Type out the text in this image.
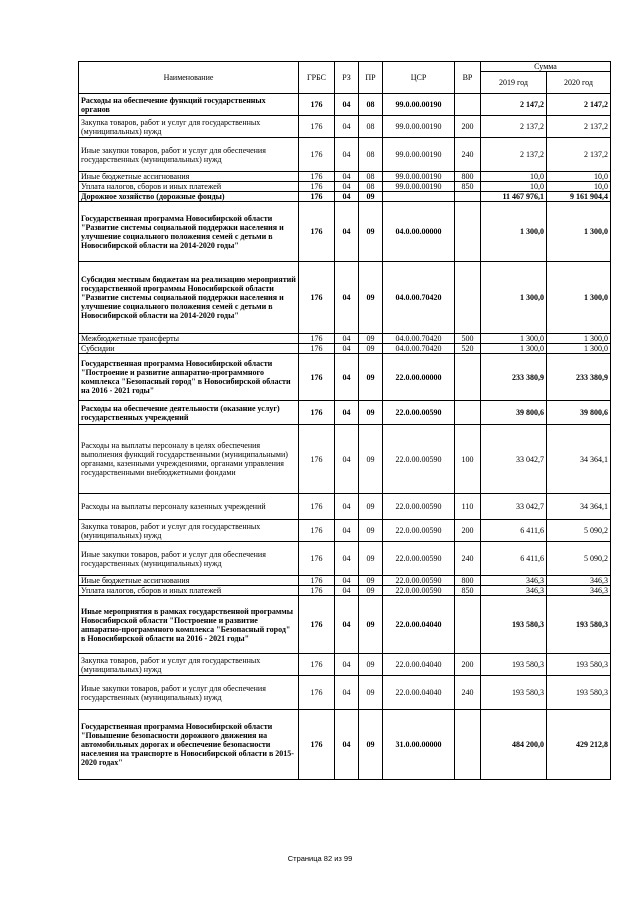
Наименование	ГРБС	РЗ	ПР	ЦСР	ВР	Сумма	
						2019 год	2020 год
Расходы на обеспечение функций государственных органов	176	04	08	99.0.00.00190		2 147,2	2 147,2
Закупка товаров, работ и услуг для государственных (муниципальных) нужд	176	04	08	99.0.00.00190	200	2 137,2	2 137,2
Иные закупки товаров, работ и услуг для обеспечения государственных (муниципальных) нужд	176	04	08	99.0.00.00190	240	2 137,2	2 137,2
Иные бюджетные ассигнования	176	04	08	99.0.00.00190	800	10,0	10,0
Уплата налогов, сборов и иных платежей	176	04	08	99.0.00.00190	850	10,0	10,0
Дорожное хозяйство (дорожные фонды)	176	04	09			11 467 976,1	9 161 904,4
Государственная программа Новосибирской области "Развитие системы социальной поддержки населения и улучшение социального положения семей с детьми в Новосибирской области на 2014-2020 годы"	176	04	09	04.0.00.00000		1 300,0	1 300,0
Субсидия местным бюджетам на реализацию мероприятий государственной программы Новосибирской области "Развитие системы социальной поддержки населения и улучшение социального положения семей с детьми в Новосибирской области на 2014-2020 годы"	176	04	09	04.0.00.70420		1 300,0	1 300,0
Межбюджетные трансферты	176	04	09	04.0.00.70420	500	1 300,0	1 300,0
Субсидии	176	04	09	04.0.00.70420	520	1 300,0	1 300,0
Государственная программа Новосибирской области "Построение и развитие аппаратно-программного комплекса "Безопасный город" в Новосибирской области на 2016 - 2021 годы"	176	04	09	22.0.00.00000		233 380,9	233 380,9
Расходы на обеспечение деятельности (оказание услуг) государственных учреждений	176	04	09	22.0.00.00590		39 800,6	39 800,6
Расходы на выплаты персоналу в целях обеспечения выполнения функций государственными (муниципальными) органами, казенными учреждениями, органами управления государственными внебюджетными фондами	176	04	09	22.0.00.00590	100	33 042,7	34 364,1
Расходы на выплаты персоналу казенных учреждений	176	04	09	22.0.00.00590	110	33 042,7	34 364,1
Закупка товаров, работ и услуг для государственных (муниципальных) нужд	176	04	09	22.0.00.00590	200	6 411,6	5 090,2
Иные закупки товаров, работ и услуг для обеспечения государственных (муниципальных) нужд	176	04	09	22.0.00.00590	240	6 411,6	5 090,2
Иные бюджетные ассигнования	176	04	09	22.0.00.00590	800	346,3	346,3
Уплата налогов, сборов и иных платежей	176	04	09	22.0.00.00590	850	346,3	346,3
Иные мероприятия в рамках государственной программы Новосибирской области "Построение и развитие аппаратно-программного комплекса "Безопасный город" в Новосибирской области на 2016 - 2021 годы"	176	04	09	22.0.00.04040		193 580,3	193 580,3
Закупка товаров, работ и услуг для государственных (муниципальных) нужд	176	04	09	22.0.00.04040	200	193 580,3	193 580,3
Иные закупки товаров, работ и услуг для обеспечения государственных (муниципальных) нужд	176	04	09	22.0.00.04040	240	193 580,3	193 580,3
Государственная программа Новосибирской области "Повышение безопасности дорожного движения на автомобильных дорогах и обеспечение безопасности населения на транспорте в Новосибирской области в 2015-2020 годах"	176	04	09	31.0.00.00000		484 200,0	429 212,8
Страница 82 из 99
